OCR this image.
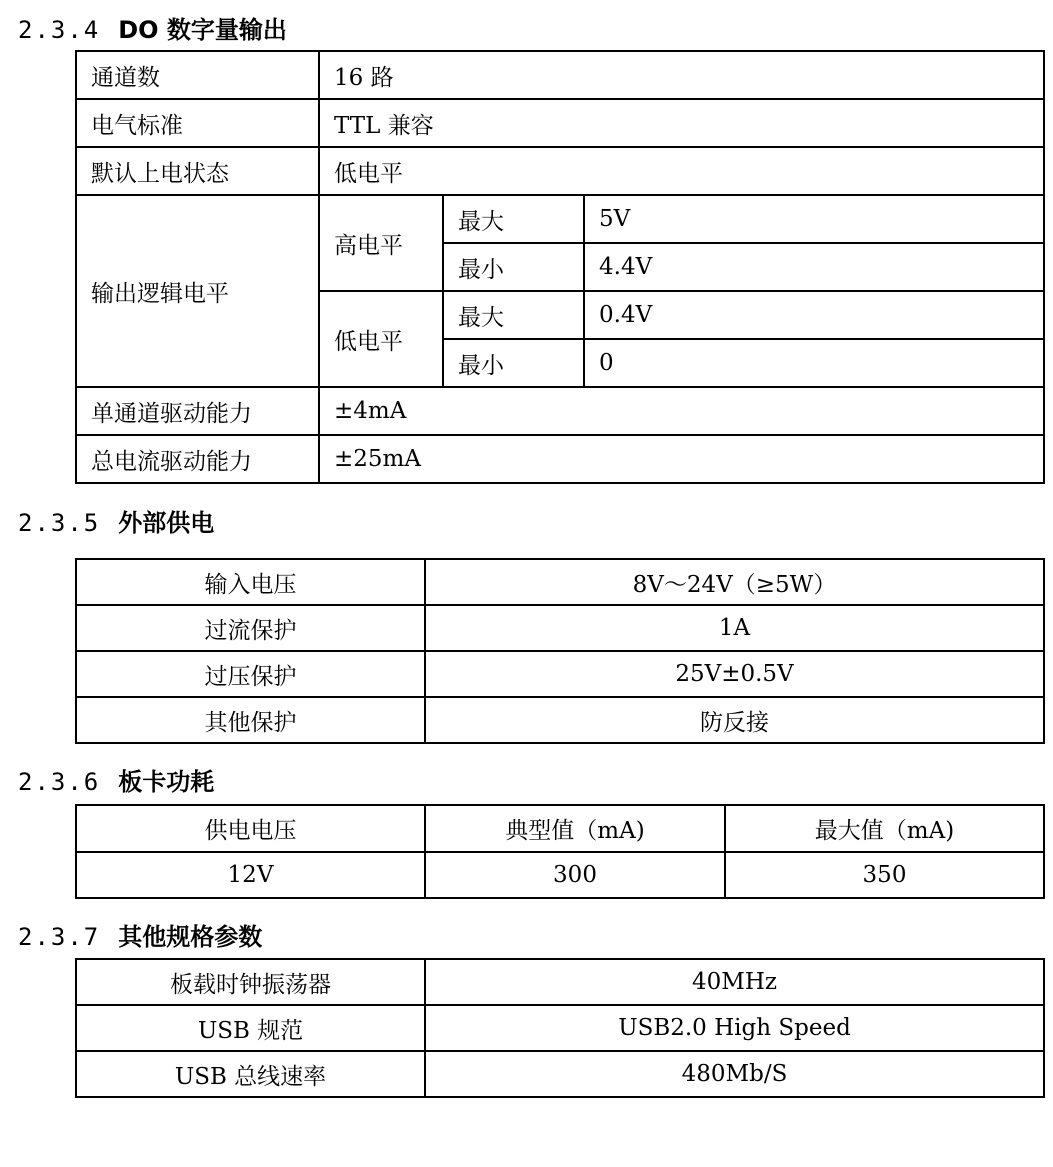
2.3.4 DO 数字量输出
通道数	16 路		
电气标准	TTL 兼容		
默认上电状态	低电平		
输出逻辑电平	高电平	最大	5V
		最小	4.4V
	低电平	最大	0.4V
		最小	0
单通道驱动能力	±4mA		
总电流驱动能力	±25mA		
2.3.5 外部供电
输入电压	8V～24V（≥5W）
过流保护	1A
过压保护	25V±0.5V
其他保护	防反接
2.3.6 板卡功耗
供电电压	典型值（mA)	最大值（mA)
12V	300	350
2.3.7 其他规格参数
板载时钟振荡器	40MHz
USB 规范	USB2.0 High Speed
USB 总线速率	480Mb/S
